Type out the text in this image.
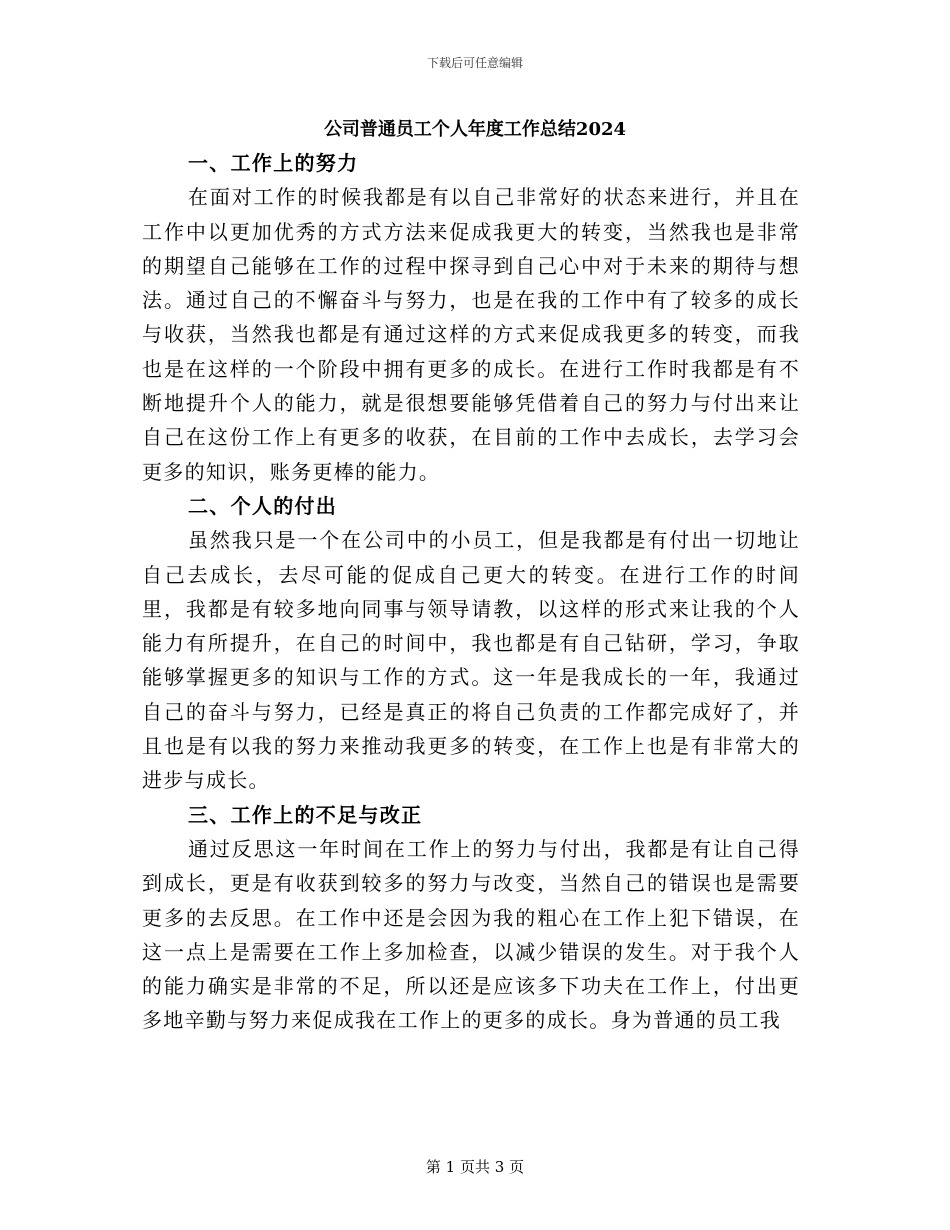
下载后可任意编辑
公司普通员工个人年度工作总结2024

一、工作上的努力

在面对工作的时候我都是有以自己非常好的状态来进行，并且在工作中以更加优秀的方式方法来促成我更大的转变，当然我也是非常的期望自己能够在工作的过程中探寻到自己心中对于未来的期待与想法。通过自己的不懈奋斗与努力，也是在我的工作中有了较多的成长与收获，当然我也都是有通过这样的方式来促成我更多的转变，而我也是在这样的一个阶段中拥有更多的成长。在进行工作时我都是有不断地提升个人的能力，就是很想要能够凭借着自己的努力与付出来让自己在这份工作上有更多的收获，在目前的工作中去成长，去学习会更多的知识，账务更棒的能力。

二、个人的付出

虽然我只是一个在公司中的小员工，但是我都是有付出一切地让自己去成长，去尽可能的促成自己更大的转变。在进行工作的时间里，我都是有较多地向同事与领导请教，以这样的形式来让我的个人能力有所提升，在自己的时间中，我也都是有自己钻研，学习，争取能够掌握更多的知识与工作的方式。这一年是我成长的一年，我通过自己的奋斗与努力，已经是真正的将自己负责的工作都完成好了，并且也是有以我的努力来推动我更多的转变，在工作上也是有非常大的进步与成长。

三、工作上的不足与改正

通过反思这一年时间在工作上的努力与付出，我都是有让自己得到成长，更是有收获到较多的努力与改变，当然自己的错误也是需要更多的去反思。在工作中还是会因为我的粗心在工作上犯下错误，在这一点上是需要在工作上多加检查，以减少错误的发生。对于我个人的能力确实是非常的不足，所以还是应该多下功夫在工作上，付出更多地辛勤与努力来促成我在工作上的更多的成长。身为普通的员工我

第 1 页共 3 页
